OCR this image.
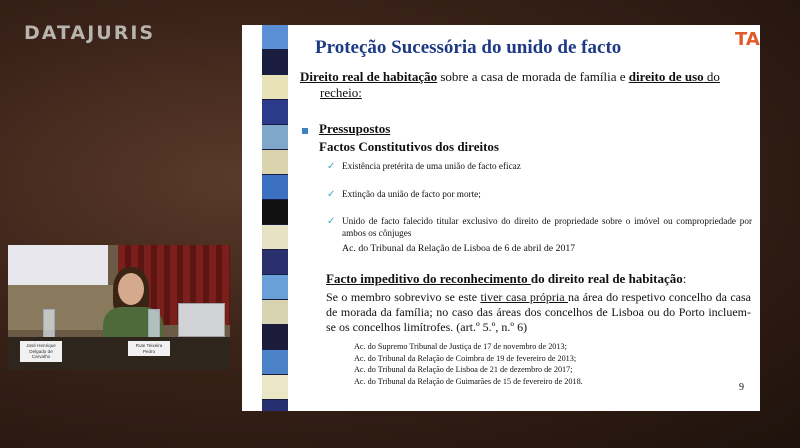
DATAJURIS
José Henrique Delgado de Carvalho
Rute Teixeira Pedro
Proteção Sucessória do unido de facto	TA
Direito real de habitação sobre a casa de morada de família e direito de uso do
recheio:
Pressupostos
Factos Constitutivos dos direitos
✓ Existência pretérita de uma união de facto eficaz
✓ Extinção da união de facto por morte;
✓ Unido de facto falecido titular exclusivo do direito de propriedade sobre o imóvel ou compropriedade por ambos os cônjuges
Ac. do Tribunal da Relação de Lisboa de 6 de abril de 2017
Facto impeditivo do reconhecimento do direito real de habitação:
Se o membro sobrevivo se este tiver casa própria na área do respetivo concelho da casa de morada da família; no caso das áreas dos concelhos de Lisboa ou do Porto incluem-se os concelhos limítrofes. (art.º 5.º, n.º 6)
Ac. do Supremo Tribunal de Justiça de 17 de novembro de 2013;
Ac. do Tribunal da Relação de Coimbra de 19 de fevereiro de 2013;
Ac. do Tribunal da Relação de Lisboa de 21 de dezembro de 2017;
Ac. do Tribunal da Relação de Guimarães de 15 de fevereiro de 2018.
9
